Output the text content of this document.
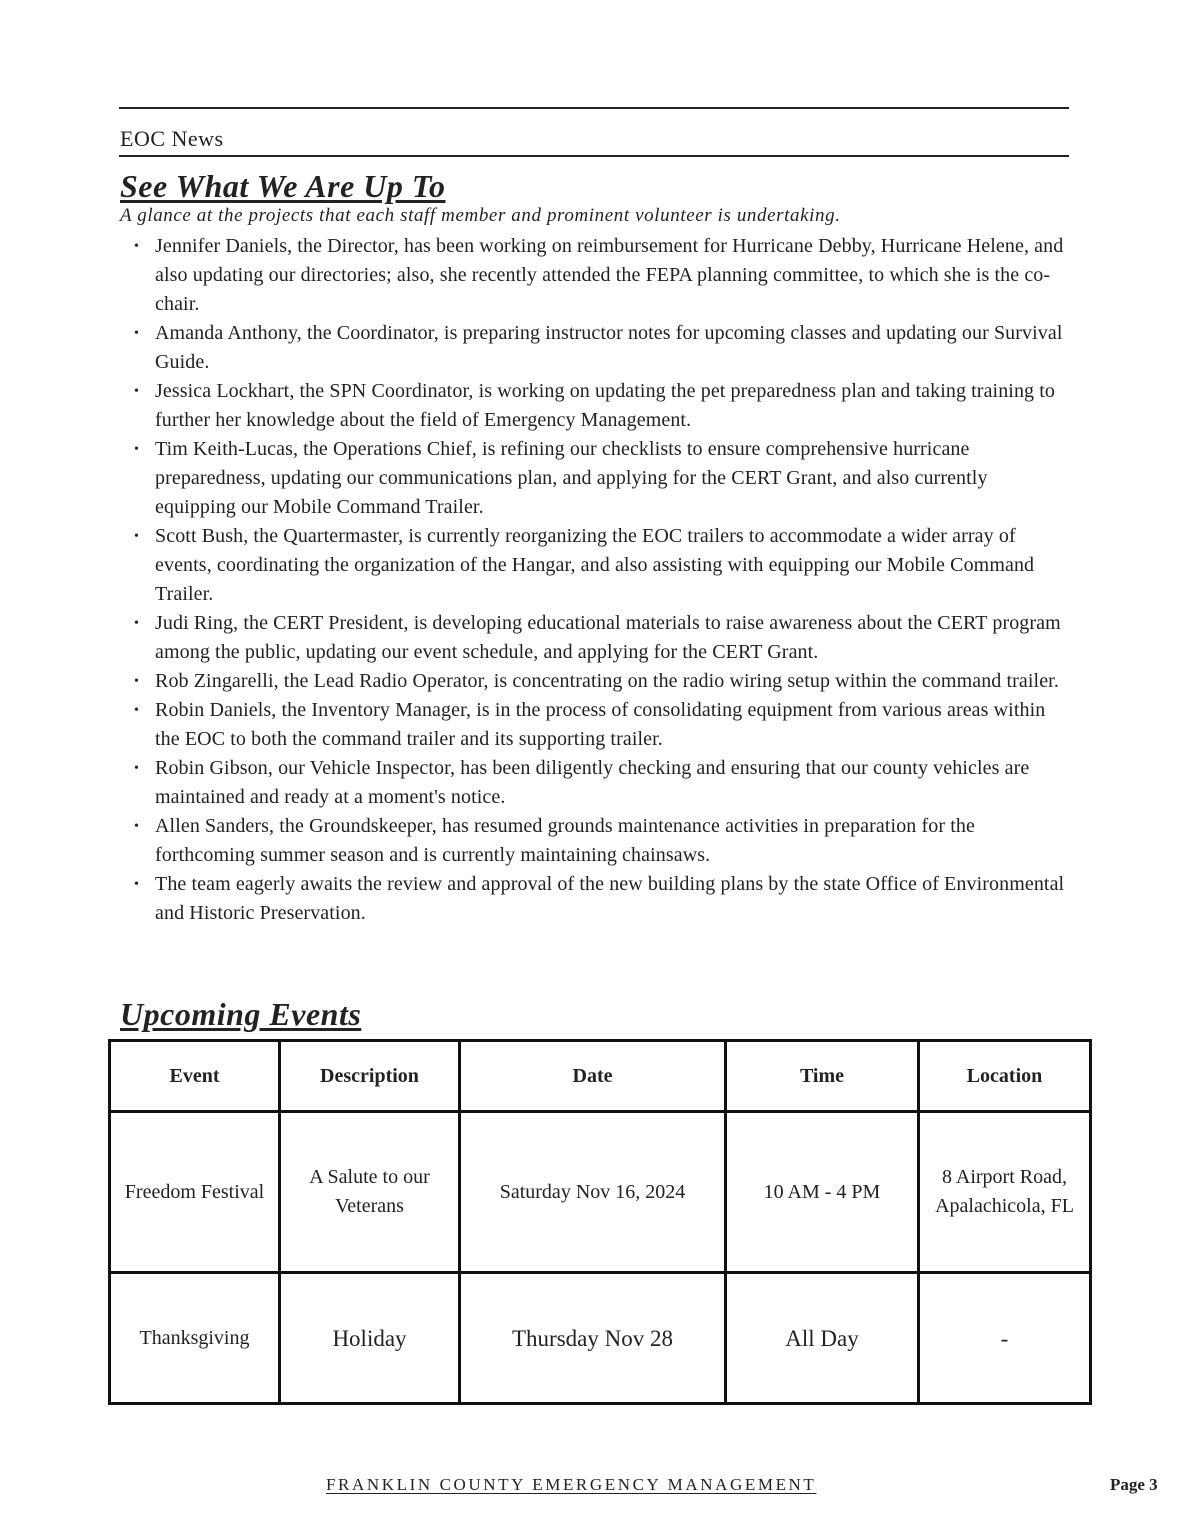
EOC News
See What We Are Up To
A glance at the projects that each staff member and prominent volunteer is undertaking.
• Jennifer Daniels, the Director, has been working on reimbursement for Hurricane Debby, Hurricane Helene, and also updating our directories; also, she recently attended the FEPA planning committee, to which she is the co-chair.
• Amanda Anthony, the Coordinator, is preparing instructor notes for upcoming classes and updating our Survival Guide.
• Jessica Lockhart, the SPN Coordinator, is working on updating the pet preparedness plan and taking training to further her knowledge about the field of Emergency Management.
• Tim Keith-Lucas, the Operations Chief, is refining our checklists to ensure comprehensive hurricane preparedness, updating our communications plan, and applying for the CERT Grant, and also currently equipping our Mobile Command Trailer.
• Scott Bush, the Quartermaster, is currently reorganizing the EOC trailers to accommodate a wider array of events, coordinating the organization of the Hangar, and also assisting with equipping our Mobile Command Trailer.
• Judi Ring, the CERT President, is developing educational materials to raise awareness about the CERT program among the public, updating our event schedule, and applying for the CERT Grant.
• Rob Zingarelli, the Lead Radio Operator, is concentrating on the radio wiring setup within the command trailer.
• Robin Daniels, the Inventory Manager, is in the process of consolidating equipment from various areas within the EOC to both the command trailer and its supporting trailer.
• Robin Gibson, our Vehicle Inspector, has been diligently checking and ensuring that our county vehicles are maintained and ready at a moment's notice.
• Allen Sanders, the Groundskeeper, has resumed grounds maintenance activities in preparation for the forthcoming summer season and is currently maintaining chainsaws.
• The team eagerly awaits the review and approval of the new building plans by the state Office of Environmental and Historic Preservation.
Upcoming Events
Event	Description	Date	Time	Location
Freedom Festival	A Salute to our Veterans	Saturday Nov 16, 2024	10 AM - 4 PM	8 Airport Road, Apalachicola, FL
Thanksgiving	Holiday	Thursday Nov 28	All Day	-
FRANKLIN COUNTY EMERGENCY MANAGEMENT	Page 3
